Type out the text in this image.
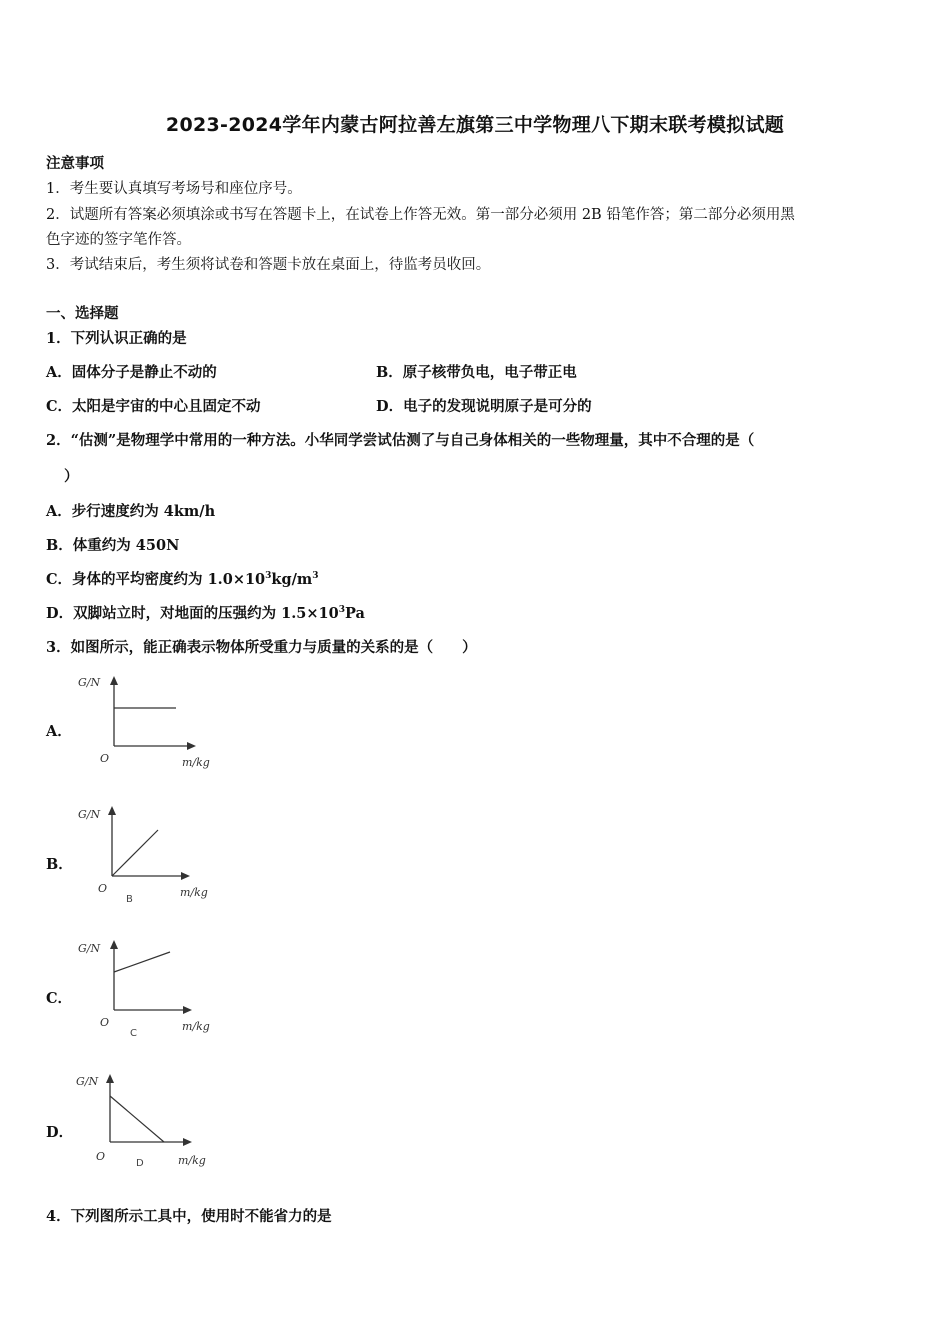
2023-2024学年内蒙古阿拉善左旗第三中学物理八下期末联考模拟试题
注意事项
1．考生要认真填写考场号和座位序号。
2．试题所有答案必须填涂或书写在答题卡上，在试卷上作答无效。第一部分必须用 2B 铅笔作答；第二部分必须用黑
色字迹的签字笔作答。
3．考试结束后，考生须将试卷和答题卡放在桌面上，待监考员收回。
一、选择题
1．下列认识正确的是
A．固体分子是静止不动的	B．原子核带负电，电子带正电
C．太阳是宇宙的中心且固定不动	D．电子的发现说明原子是可分的
2．“估测”是物理学中常用的一种方法。小华同学尝试估测了与自己身体相关的一些物理量，其中不合理的是（
）
A．步行速度约为 4km/h
B．体重约为 450N
C．身体的平均密度约为 $1.0\times 10^3kg/m^3$
D．双脚站立时，对地面的压强约为 $1.5\times 10^3Pa$
3．如图所示，能正确表示物体所受重力与质量的关系的是（　　）
A．
G/N
O	m/kg
B．
G/N
O
B
m/kg
C．
G/N
O
C
m/kg
D．
G/N
O
D	m/kg
4．下列图所示工具中，使用时不能省力的是
